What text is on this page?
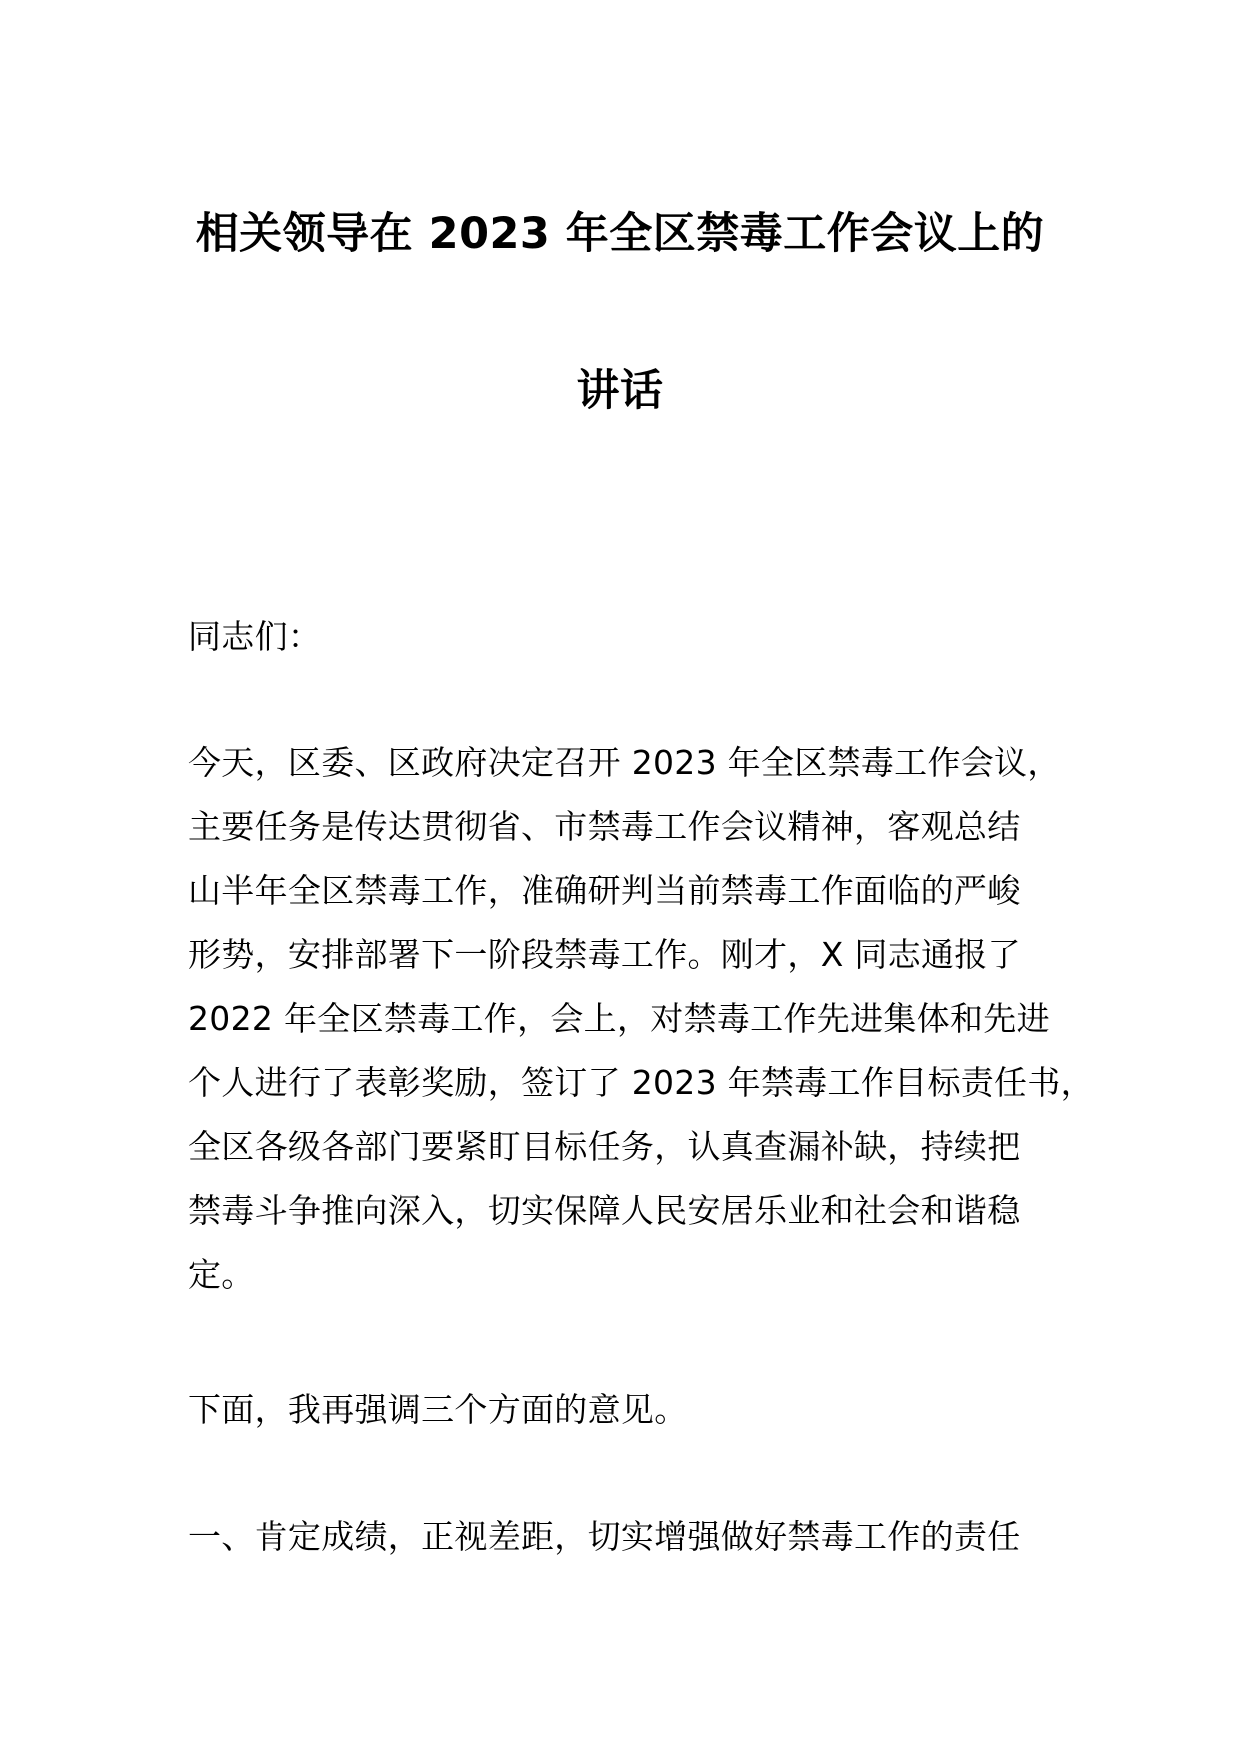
相关领导在 2023 年全区禁毒工作会议上的
讲话

同志们：

今天，区委、区政府决定召开 2023 年全区禁毒工作会议，
主要任务是传达贯彻省、市禁毒工作会议精神，客观总结
山半年全区禁毒工作，准确研判当前禁毒工作面临的严峻
形势，安排部署下一阶段禁毒工作。刚才，X 同志通报了
2022 年全区禁毒工作，会上，对禁毒工作先进集体和先进
个人进行了表彰奖励，签订了 2023 年禁毒工作目标责任书，
全区各级各部门要紧盯目标任务，认真查漏补缺，持续把
禁毒斗争推向深入，切实保障人民安居乐业和社会和谐稳
定。

下面，我再强调三个方面的意见。

一、肯定成绩，正视差距，切实增强做好禁毒工作的责任
